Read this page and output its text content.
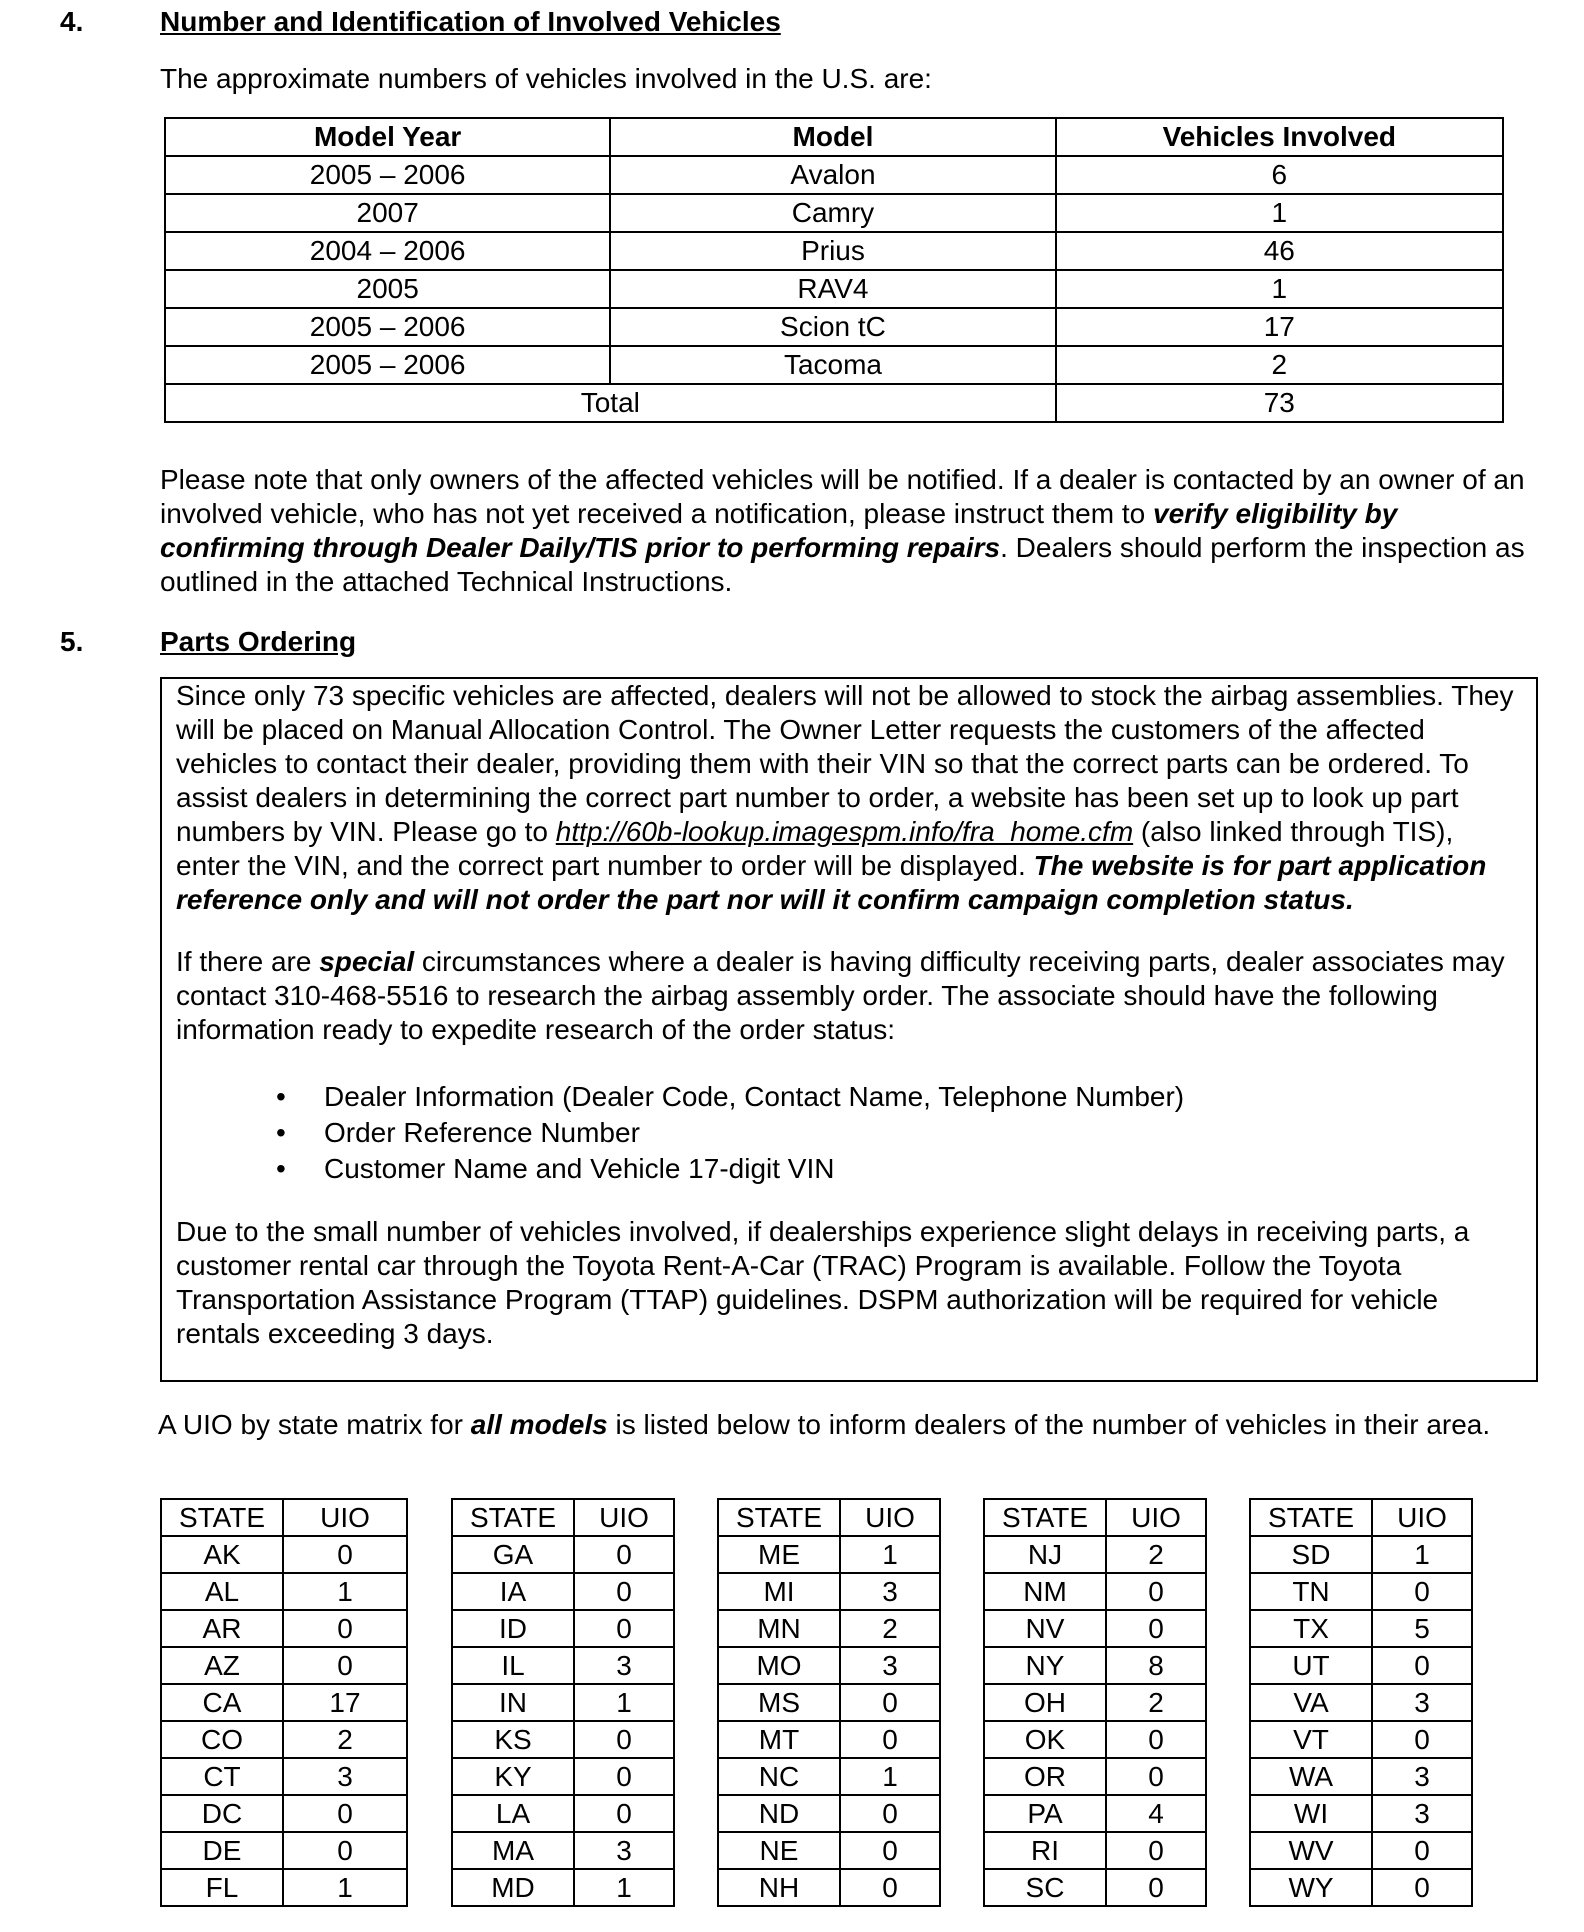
4.	Number and Identification of Involved Vehicles
The approximate numbers of vehicles involved in the U.S. are:
Model Year	Model	Vehicles Involved
2005 – 2006	Avalon	6
2007	Camry	1
2004 – 2006	Prius	46
2005	RAV4	1
2005 – 2006	Scion tC	17
2005 – 2006	Tacoma	2
Total		73
Please note that only owners of the affected vehicles will be notified. If a dealer is contacted by an owner of an involved vehicle, who has not yet received a notification, please instruct them to verify eligibility by confirming through Dealer Daily/TIS prior to performing repairs. Dealers should perform the inspection as outlined in the attached Technical Instructions.
5.	Parts Ordering

Since only 73 specific vehicles are affected, dealers will not be allowed to stock the airbag assemblies. They will be placed on Manual Allocation Control. The Owner Letter requests the customers of the affected vehicles to contact their dealer, providing them with their VIN so that the correct parts can be ordered. To assist dealers in determining the correct part number to order, a website has been set up to look up part numbers by VIN. Please go to http://60b-lookup.imagespm.info/fra_home.cfm (also linked through TIS), enter the VIN, and the correct part number to order will be displayed. The website is for part application reference only and will not order the part nor will it confirm campaign completion status.

If there are special circumstances where a dealer is having difficulty receiving parts, dealer associates may contact 310-468-5516 to research the airbag assembly order. The associate should have the following information ready to expedite research of the order status:

• Dealer Information (Dealer Code, Contact Name, Telephone Number)
• Order Reference Number
• Customer Name and Vehicle 17-digit VIN

Due to the small number of vehicles involved, if dealerships experience slight delays in receiving parts, a customer rental car through the Toyota Rent-A-Car (TRAC) Program is available. Follow the Toyota Transportation Assistance Program (TTAP) guidelines. DSPM authorization will be required for vehicle rentals exceeding 3 days.

A UIO by state matrix for all models is listed below to inform dealers of the number of vehicles in their area.
STATE	UIO
AK	0
AL	1
AR	0
AZ	0
CA	17
CO	2
CT	3
DC	0
DE	0
FL	1
STATE	UIO
GA	0
IA	0
ID	0
IL	3
IN	1
KS	0
KY	0
LA	0
MA	3
MD	1
STATE	UIO
ME	1
MI	3
MN	2
MO	3
MS	0
MT	0
NC	1
ND	0
NE	0
NH	0
STATE	UIO
NJ	2
NM	0
NV	0
NY	8
OH	2
OK	0
OR	0
PA	4
RI	0
SC	0
STATE	UIO
SD	1
TN	0
TX	5
UT	0
VA	3
VT	0
WA	3
WI	3
WV	0
WY	0
